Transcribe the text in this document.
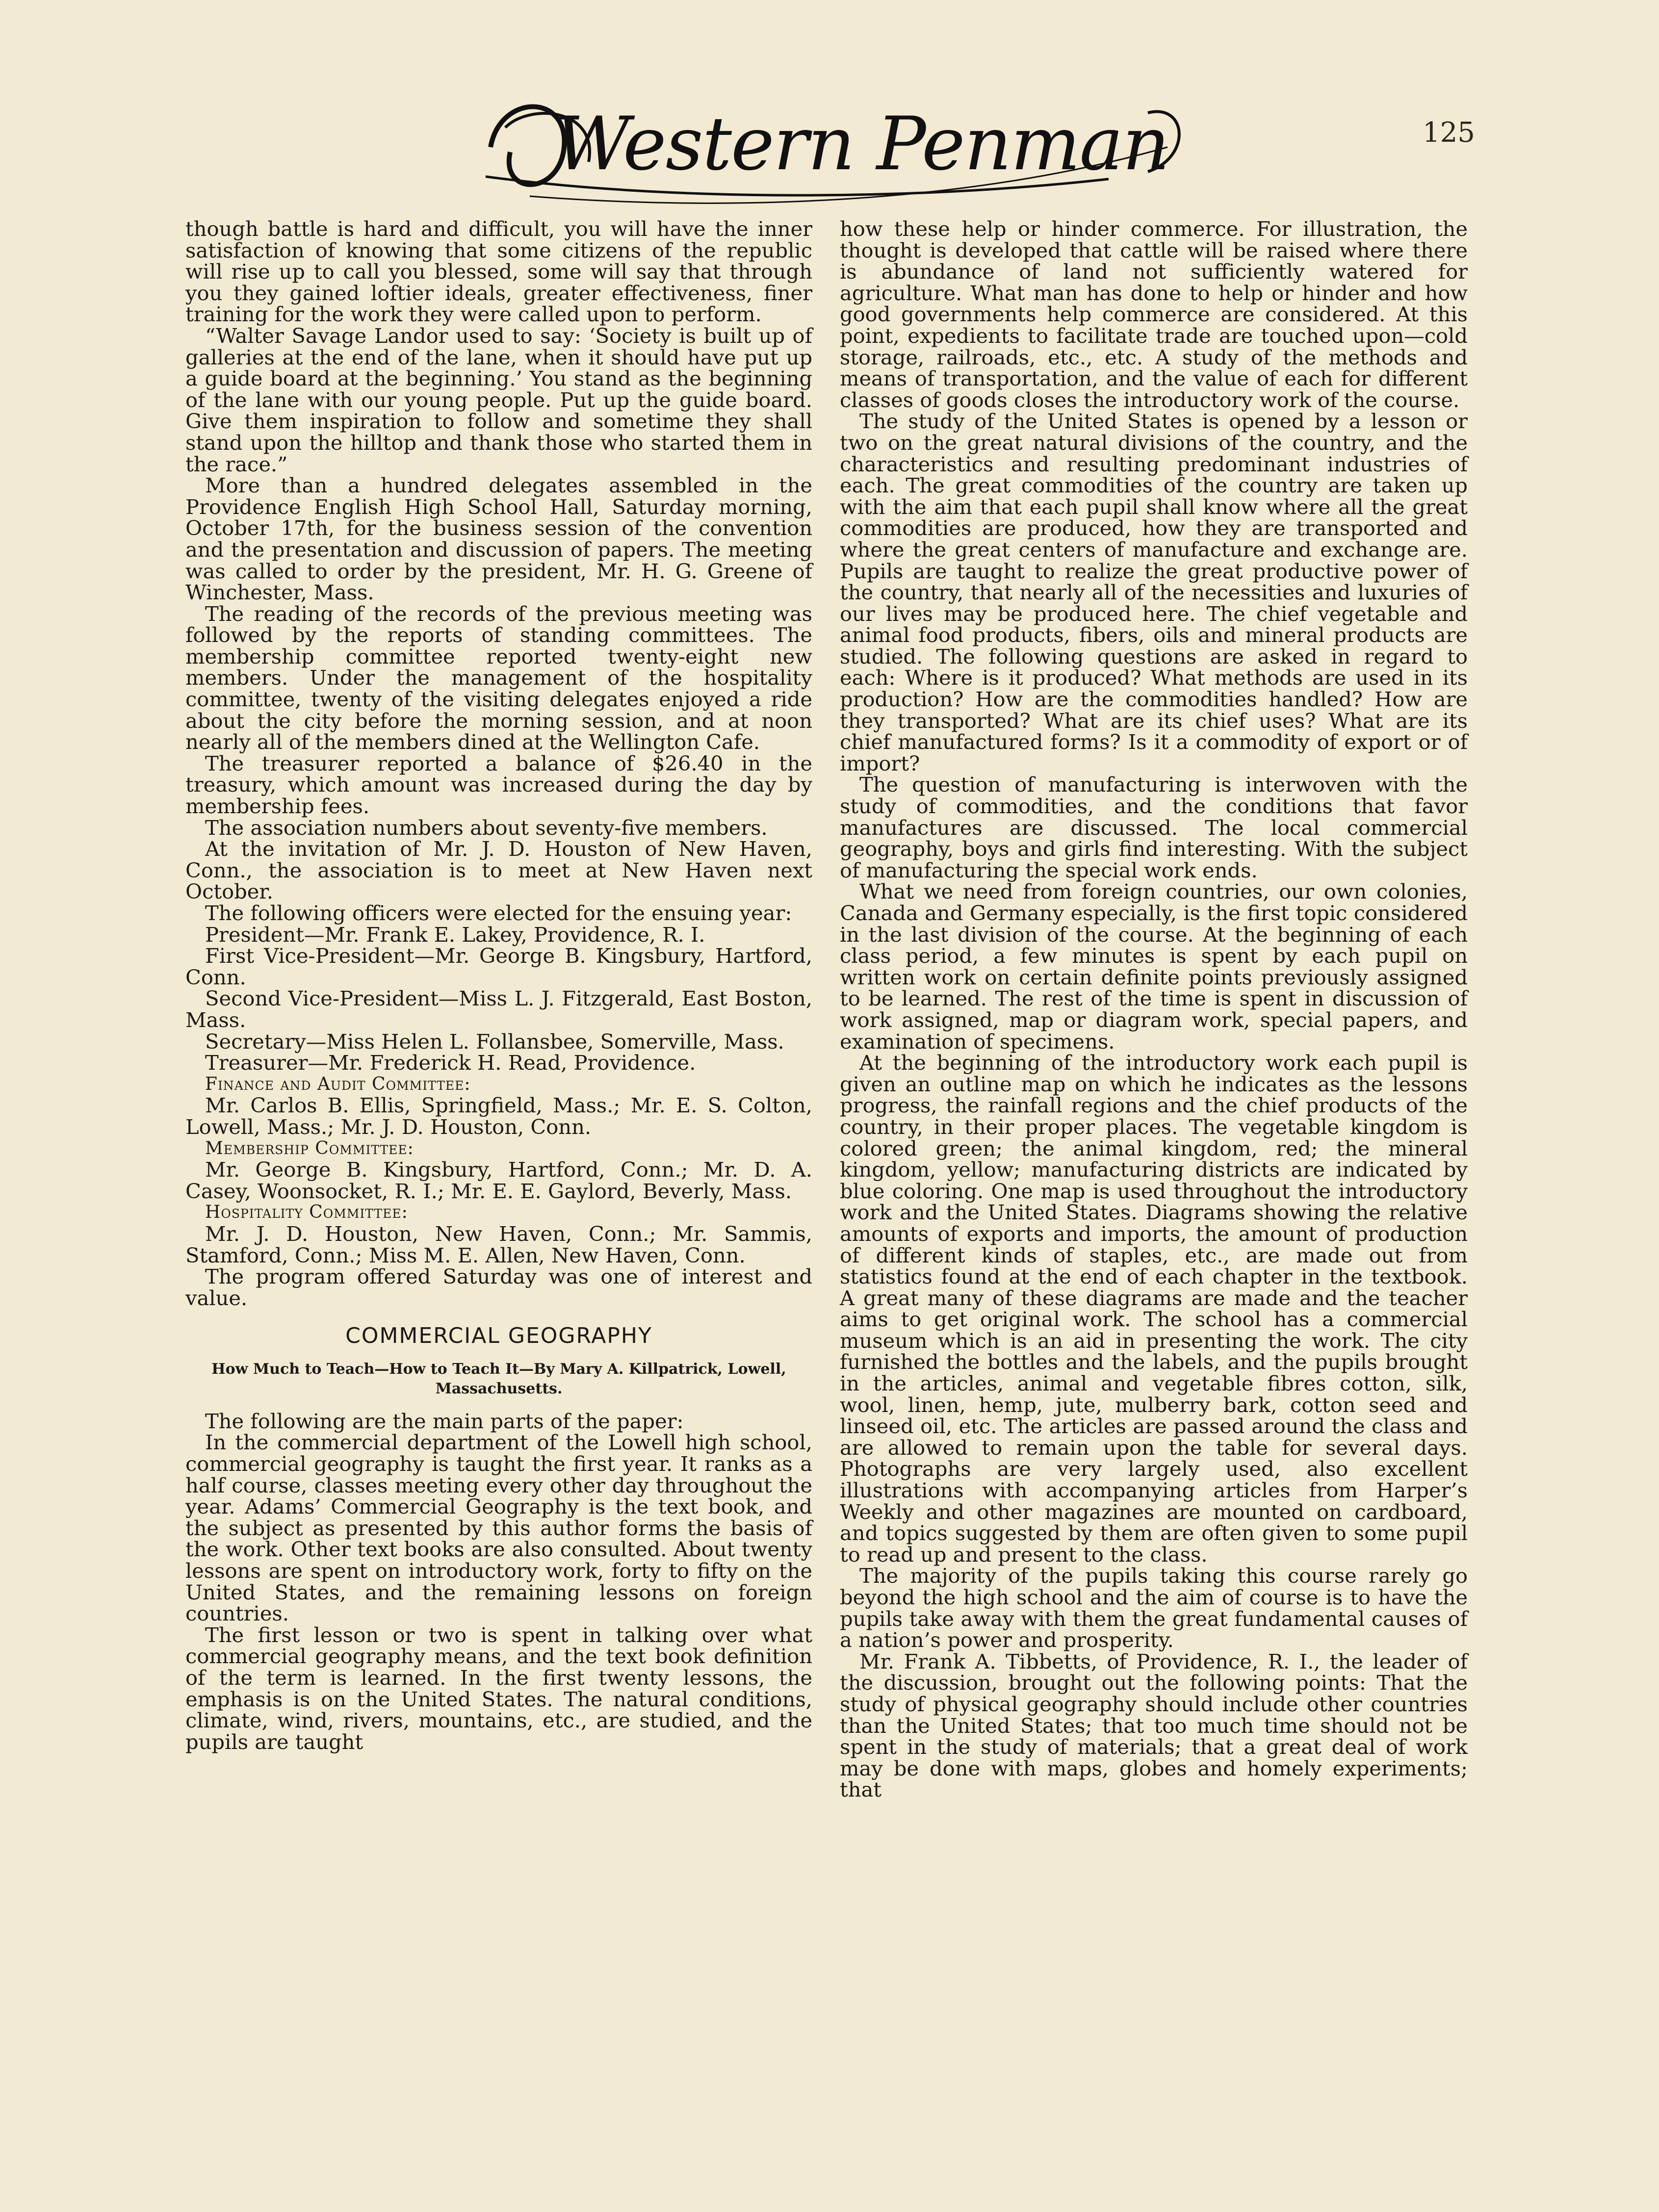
Western Penman	125

though battle is hard and difficult, you will have the inner satisfaction of knowing that some citizens of the republic will rise up to call you blessed, some will say that through you they gained loftier ideals, greater effectiveness, finer training for the work they were called upon to perform.

“Walter Savage Landor used to say: ‘Society is built up of galleries at the end of the lane, when it should have put up a guide board at the beginning.’ You stand as the beginning of the lane with our young people. Put up the guide board. Give them inspiration to follow and sometime they shall stand upon the hilltop and thank those who started them in the race.”

More than a hundred delegates assembled in the Providence English High School Hall, Saturday morning, October 17th, for the business session of the convention and the presentation and discussion of papers. The meeting was called to order by the president, Mr. H. G. Greene of Winchester, Mass.

The reading of the records of the previous meeting was followed by the reports of standing committees. The membership committee reported twenty-eight new members. Under the management of the hospitality committee, twenty of the visiting delegates enjoyed a ride about the city before the morning session, and at noon nearly all of the members dined at the Wellington Cafe.

The treasurer reported a balance of $26.40 in the treasury, which amount was increased during the day by membership fees.

The association numbers about seventy-five members.

At the invitation of Mr. J. D. Houston of New Haven, Conn., the association is to meet at New Haven next October.

The following officers were elected for the ensuing year:

President—Mr. Frank E. Lakey, Providence, R. I.

First Vice-President—Mr. George B. Kingsbury, Hartford, Conn.

Second Vice-President—Miss L. J. Fitzgerald, East Boston, Mass.

Secretary—Miss Helen L. Follansbee, Somerville, Mass.

Treasurer—Mr. Frederick H. Read, Providence.

Finance and Audit Committee:

Mr. Carlos B. Ellis, Springfield, Mass.; Mr. E. S. Colton, Lowell, Mass.; Mr. J. D. Houston, Conn.

Membership Committee:

Mr. George B. Kingsbury, Hartford, Conn.; Mr. D. A. Casey, Woonsocket, R. I.; Mr. E. E. Gaylord, Beverly, Mass.

Hospitality Committee:

Mr. J. D. Houston, New Haven, Conn.; Mr. Sammis, Stamford, Conn.; Miss M. E. Allen, New Haven, Conn.

The program offered Saturday was one of interest and value.

COMMERCIAL GEOGRAPHY
How Much to Teach—How to Teach It—By Mary A. Killpatrick, Lowell, Massachusetts.

The following are the main parts of the paper:

In the commercial department of the Lowell high school, commercial geography is taught the first year. It ranks as a half course, classes meeting every other day throughout the year. Adams’ Commercial Geography is the text book, and the subject as presented by this author forms the basis of the work. Other text books are also consulted. About twenty lessons are spent on introductory work, forty to fifty on the United States, and the remaining lessons on foreign countries.

The first lesson or two is spent in talking over what commercial geography means, and the text book definition of the term is learned. In the first twenty lessons, the emphasis is on the United States. The natural conditions, climate, wind, rivers, mountains, etc., are studied, and the pupils are taught

how these help or hinder commerce. For illustration, the thought is developed that cattle will be raised where there is abundance of land not sufficiently watered for agriculture. What man has done to help or hinder and how good governments help commerce are considered. At this point, expedients to facilitate trade are touched upon—cold storage, railroads, etc., etc. A study of the methods and means of transportation, and the value of each for different classes of goods closes the introductory work of the course.

The study of the United States is opened by a lesson or two on the great natural divisions of the country, and the characteristics and resulting predominant industries of each. The great commodities of the country are taken up with the aim that each pupil shall know where all the great commodities are produced, how they are transported and where the great centers of manufacture and exchange are. Pupils are taught to realize the great productive power of the country, that nearly all of the necessities and luxuries of our lives may be produced here. The chief vegetable and animal food products, fibers, oils and mineral products are studied. The following questions are asked in regard to each: Where is it produced? What methods are used in its production? How are the commodities handled? How are they transported? What are its chief uses? What are its chief manufactured forms? Is it a commodity of export or of import?

The question of manufacturing is interwoven with the study of commodities, and the conditions that favor manufactures are discussed. The local commercial geography, boys and girls find interesting. With the subject of manufacturing the special work ends.

What we need from foreign countries, our own colonies, Canada and Germany especially, is the first topic considered in the last division of the course. At the beginning of each class period, a few minutes is spent by each pupil on written work on certain definite points previously assigned to be learned. The rest of the time is spent in discussion of work assigned, map or diagram work, special papers, and examination of specimens.

At the beginning of the introductory work each pupil is given an outline map on which he indicates as the lessons progress, the rainfall regions and the chief products of the country, in their proper places. The vegetable kingdom is colored green; the animal kingdom, red; the mineral kingdom, yellow; manufacturing districts are indicated by blue coloring. One map is used throughout the introductory work and the United States. Diagrams showing the relative amounts of exports and imports, the amount of production of different kinds of staples, etc., are made out from statistics found at the end of each chapter in the textbook. A great many of these diagrams are made and the teacher aims to get original work. The school has a commercial museum which is an aid in presenting the work. The city furnished the bottles and the labels, and the pupils brought in the articles, animal and vegetable fibres cotton, silk, wool, linen, hemp, jute, mulberry bark, cotton seed and linseed oil, etc. The articles are passed around the class and are allowed to remain upon the table for several days. Photographs are very largely used, also excellent illustrations with accompanying articles from Harper’s Weekly and other magazines are mounted on cardboard, and topics suggested by them are often given to some pupil to read up and present to the class.

The majority of the pupils taking this course rarely go beyond the high school and the aim of course is to have the pupils take away with them the great fundamental causes of a nation’s power and prosperity.

Mr. Frank A. Tibbetts, of Providence, R. I., the leader of the discussion, brought out the following points: That the study of physical geography should include other countries than the United States; that too much time should not be spent in the study of materials; that a great deal of work may be done with maps, globes and homely experiments; that
